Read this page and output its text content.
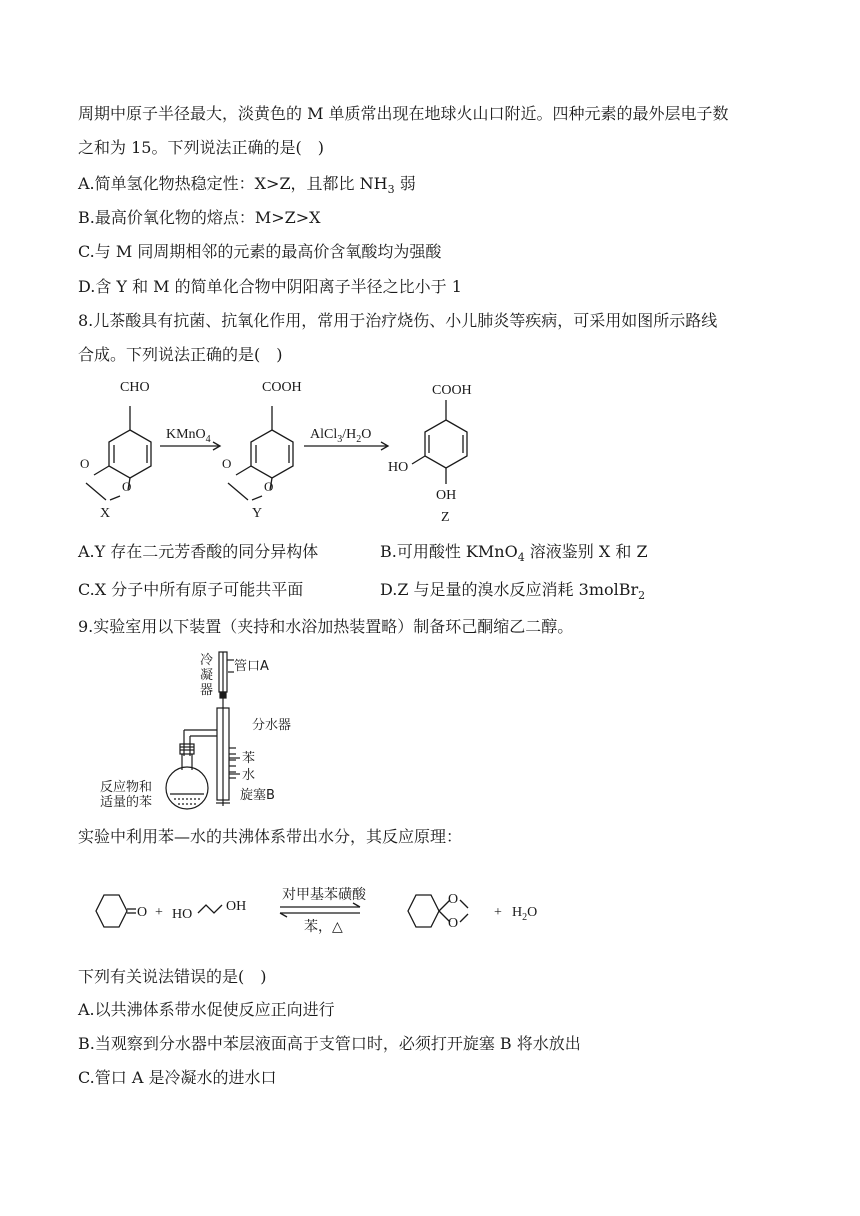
周期中原子半径最大，淡黄色的 M 单质常出现在地球火山口附近。四种元素的最外层电子数
之和为 15。下列说法正确的是(　)
A.简单氢化物热稳定性：X>Z，且都比 $NH_3$ 弱
B.最高价氧化物的熔点：M>Z>X
C.与 M 同周期相邻的元素的最高价含氧酸均为强酸
D.含 Y 和 M 的简单化合物中阴阳离子半径之比小于 1
8.儿茶酸具有抗菌、抗氧化作用，常用于治疗烧伤、小儿肺炎等疾病，可采用如图所示路线
合成。下列说法正确的是(　)
CHO
O
O
X
KMnO$_4$
COOH
O
O
Y
$AlCl_3/H_2O$
COOH
HO
OH
Z
A.Y 存在二元芳香酸的同分异构体	B.可用酸性 KMnO$_4$ 溶液鉴别 X 和 Z
C.X 分子中所有原子可能共平面	D.Z 与足量的溴水反应消耗 3molBr$_2$
9.实验室用以下装置（夹持和水浴加热装置略）制备环己酮缩乙二醇。
冷
凝
器
管口A
分水器
苯
水
旋塞B
反应物和
适量的苯
实验中利用苯—水的共沸体系带出水分，其反应原理：
O + HO
OH
对甲基苯磺酸
苯，△
O
O
+ $H_2O$
下列有关说法错误的是(　)
A.以共沸体系带水促使反应正向进行
B.当观察到分水器中苯层液面高于支管口时，必须打开旋塞 B 将水放出
C.管口 A 是冷凝水的进水口
